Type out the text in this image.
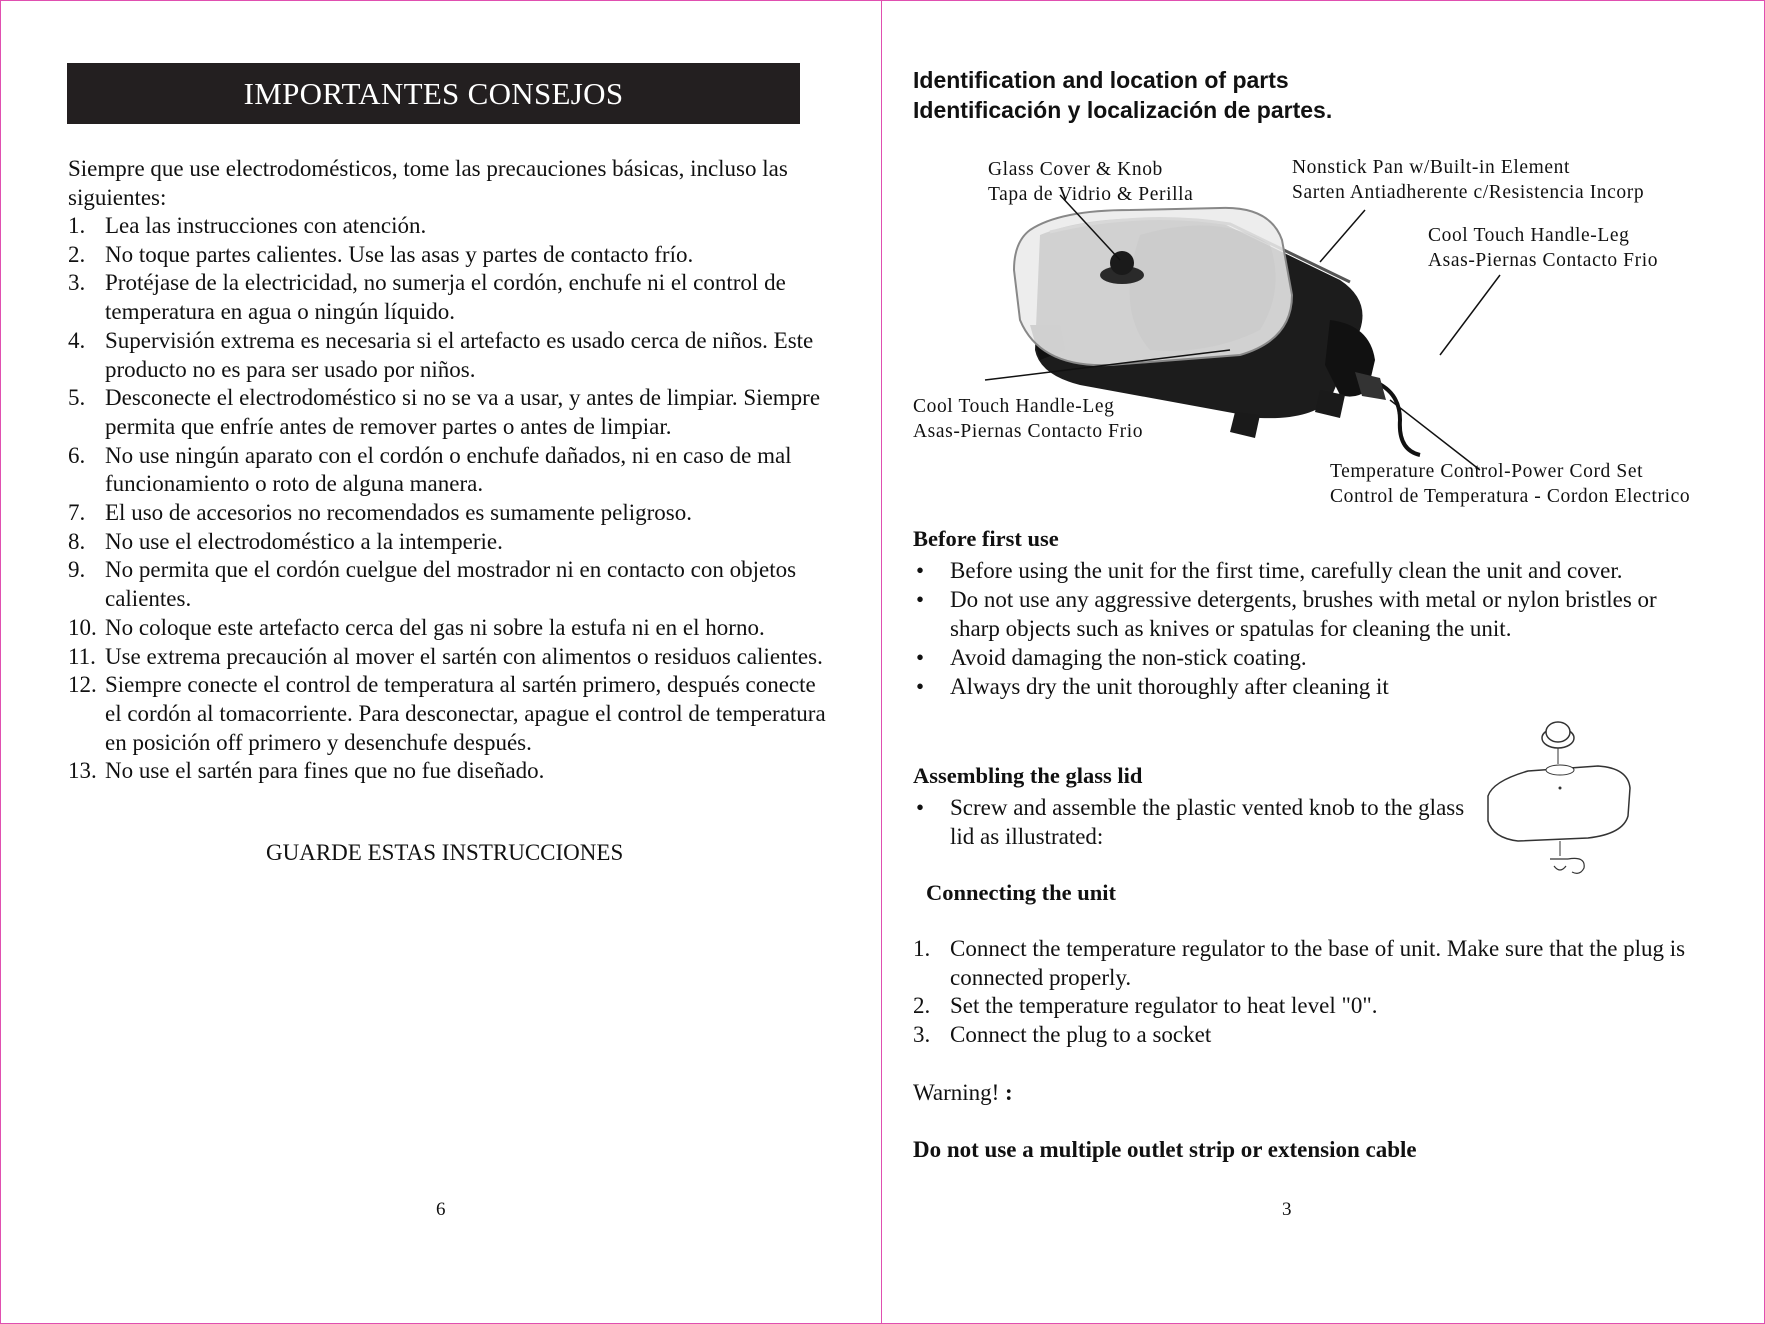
IMPORTANTES CONSEJOS
Siempre que use electrodomésticos, tome las precauciones básicas, incluso las siguientes:
1. Lea las instrucciones con atención.
2. No toque partes calientes. Use las asas y partes de contacto frío.
3. Protéjase de la electricidad, no sumerja el cordón, enchufe ni el control de temperatura en agua o ningún líquido.
4. Supervisión extrema es necesaria si el artefacto es usado cerca de niños. Este producto no es para ser usado por niños.
5. Desconecte el electrodoméstico si no se va a usar, y antes de limpiar. Siempre permita que enfríe antes de remover partes o antes de limpiar.
6. No use ningún aparato con el cordón o enchufe dañados, ni en caso de mal funcionamiento o roto de alguna manera.
7. El uso de accesorios no recomendados es sumamente peligroso.
8. No use el electrodoméstico a la intemperie.
9. No permita que el cordón cuelgue del mostrador ni en contacto con objetos calientes.
10. No coloque este artefacto cerca del gas ni sobre la estufa ni en el horno.
11. Use extrema precaución al mover el sartén con alimentos o residuos calientes.
12. Siempre conecte el control de temperatura al sartén primero, después conecte el cordón al tomacorriente. Para desconectar, apague el control de temperatura en posición off primero y desenchufe después.
13. No use el sartén para fines que no fue diseñado.
GUARDE ESTAS INSTRUCCIONES
6
Identification and location of parts
Identificación y localización de partes.
Glass Cover & Knob
Tapa de Vidrio & Perilla
Nonstick Pan w/Built-in Element
Sarten Antiadherente c/Resistencia Incorp
Cool Touch Handle-Leg
Asas-Piernas Contacto Frio
Cool Touch Handle-Leg
Asas-Piernas Contacto Frio
Temperature Control-Power Cord Set
Control de Temperatura - Cordon Electrico
Before first use
• Before using the unit for the first time, carefully clean the unit and cover.
• Do not use any aggressive detergents, brushes with metal or nylon bristles or sharp objects such as knives or spatulas for cleaning the unit.
• Avoid damaging the non-stick coating.
• Always dry the unit thoroughly after cleaning it
Assembling the glass lid
• Screw and assemble the plastic vented knob to the glass lid as illustrated:
Connecting the unit
1. Connect the temperature regulator to the base of unit. Make sure that the plug is connected properly.
2. Set the temperature regulator to heat level "0".
3. Connect the plug to a socket
Warning! :
Do not use a multiple outlet strip or extension cable
3
